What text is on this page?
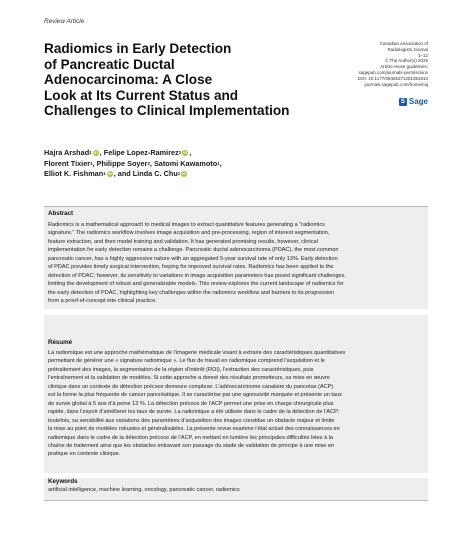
Review Article
Radiomics in Early Detection
of Pancreatic Ductal
Adenocarcinoma: A Close
Look at Its Current Status and
Challenges to Clinical Implementation
Canadian Association of
Radiologists Journal
1–12
© The Author(s) 2025
Article reuse guidelines:
sagepub.com/journals-permissions
DOI: 10.1177/08465371251351810
journals.sagepub.com/home/caj
S Sage
Hajra Arshad 1 iD , Felipe Lopez-Ramirez 1 iD ,
Florent Tixier 1 , Philippe Soyer 2 , Satomi Kawamoto 1 ,
Elliot K. Fishman 1 iD , and Linda C. Chu 1 iD
Abstract
Radiomics is a mathematical approach to medical images to extract quantitative features generating a “radiomics
signature.” The radiomics workflow involves image acquisition and pre-processing, region of interest segmentation,
feature extraction, and then model training and validation. It has generated promising results, however, clinical
implementation for early detection remains a challenge. Pancreatic ductal adenocarcinoma (PDAC), the most common
pancreatic cancer, has a highly aggressive nature with an aggregated 5-year survival rate of only 13%. Early detection
of PDAC provides timely surgical intervention, hoping for improved survival rates. Radiomics has been applied to the
detection of PDAC; however, its sensitivity to variations in image acquisition parameters has posed significant challenges,
limiting the development of robust and generalizable models. This review explores the current landscape of radiomics for
the early detection of PDAC, highlighting key challenges within the radiomics workflow and barriers to its progression
from a proof-of-concept into clinical practice.
Résumé
La radiomique est une approche mathématique de l’imagerie médicale visant à extraire des caractéristiques quantitatives
permettant de générer une « signature radiomique ». Le flux de travail en radiomique comprend l’acquisition et le
prétraitement des images, la segmentation de la région d’intérêt (ROI), l’extraction des caractéristiques, puis
l’entraînement et la validation de modèles. Si cette approche a donné des résultats prometteurs, sa mise en œuvre
clinique dans un contexte de détection précoce demeure complexe. L’adénocarcinome canalaire du pancréas (ACP)
est la forme la plus fréquente de cancer pancréatique. Il se caractérise par une agressivité marquée et présente un taux
de survie global à 5 ans d’à peine 13 %. La détection précoce de l’ACP permet une prise en charge chirurgicale plus
rapide, dans l’espoir d’améliorer les taux de survie. La radiomique a été utilisée dans le cadre de la détection de l’ACP;
toutefois, sa sensibilité aux variations des paramètres d’acquisition des images constitue un obstacle majeur et limite
la mise au point de modèles robustes et généralisables. La présente revue examine l’état actuel des connaissances en
radiomique dans le cadre de la détection précoce de l’ACP, en mettant en lumière les principales difficultés liées à la
chaîne de traitement ainsi que les obstacles entravant son passage du stade de validation de principe à une mise en
pratique en contexte clinique.
Keywords
artificial intelligence, machine learning, oncology, pancreatic cancer, radiomics
